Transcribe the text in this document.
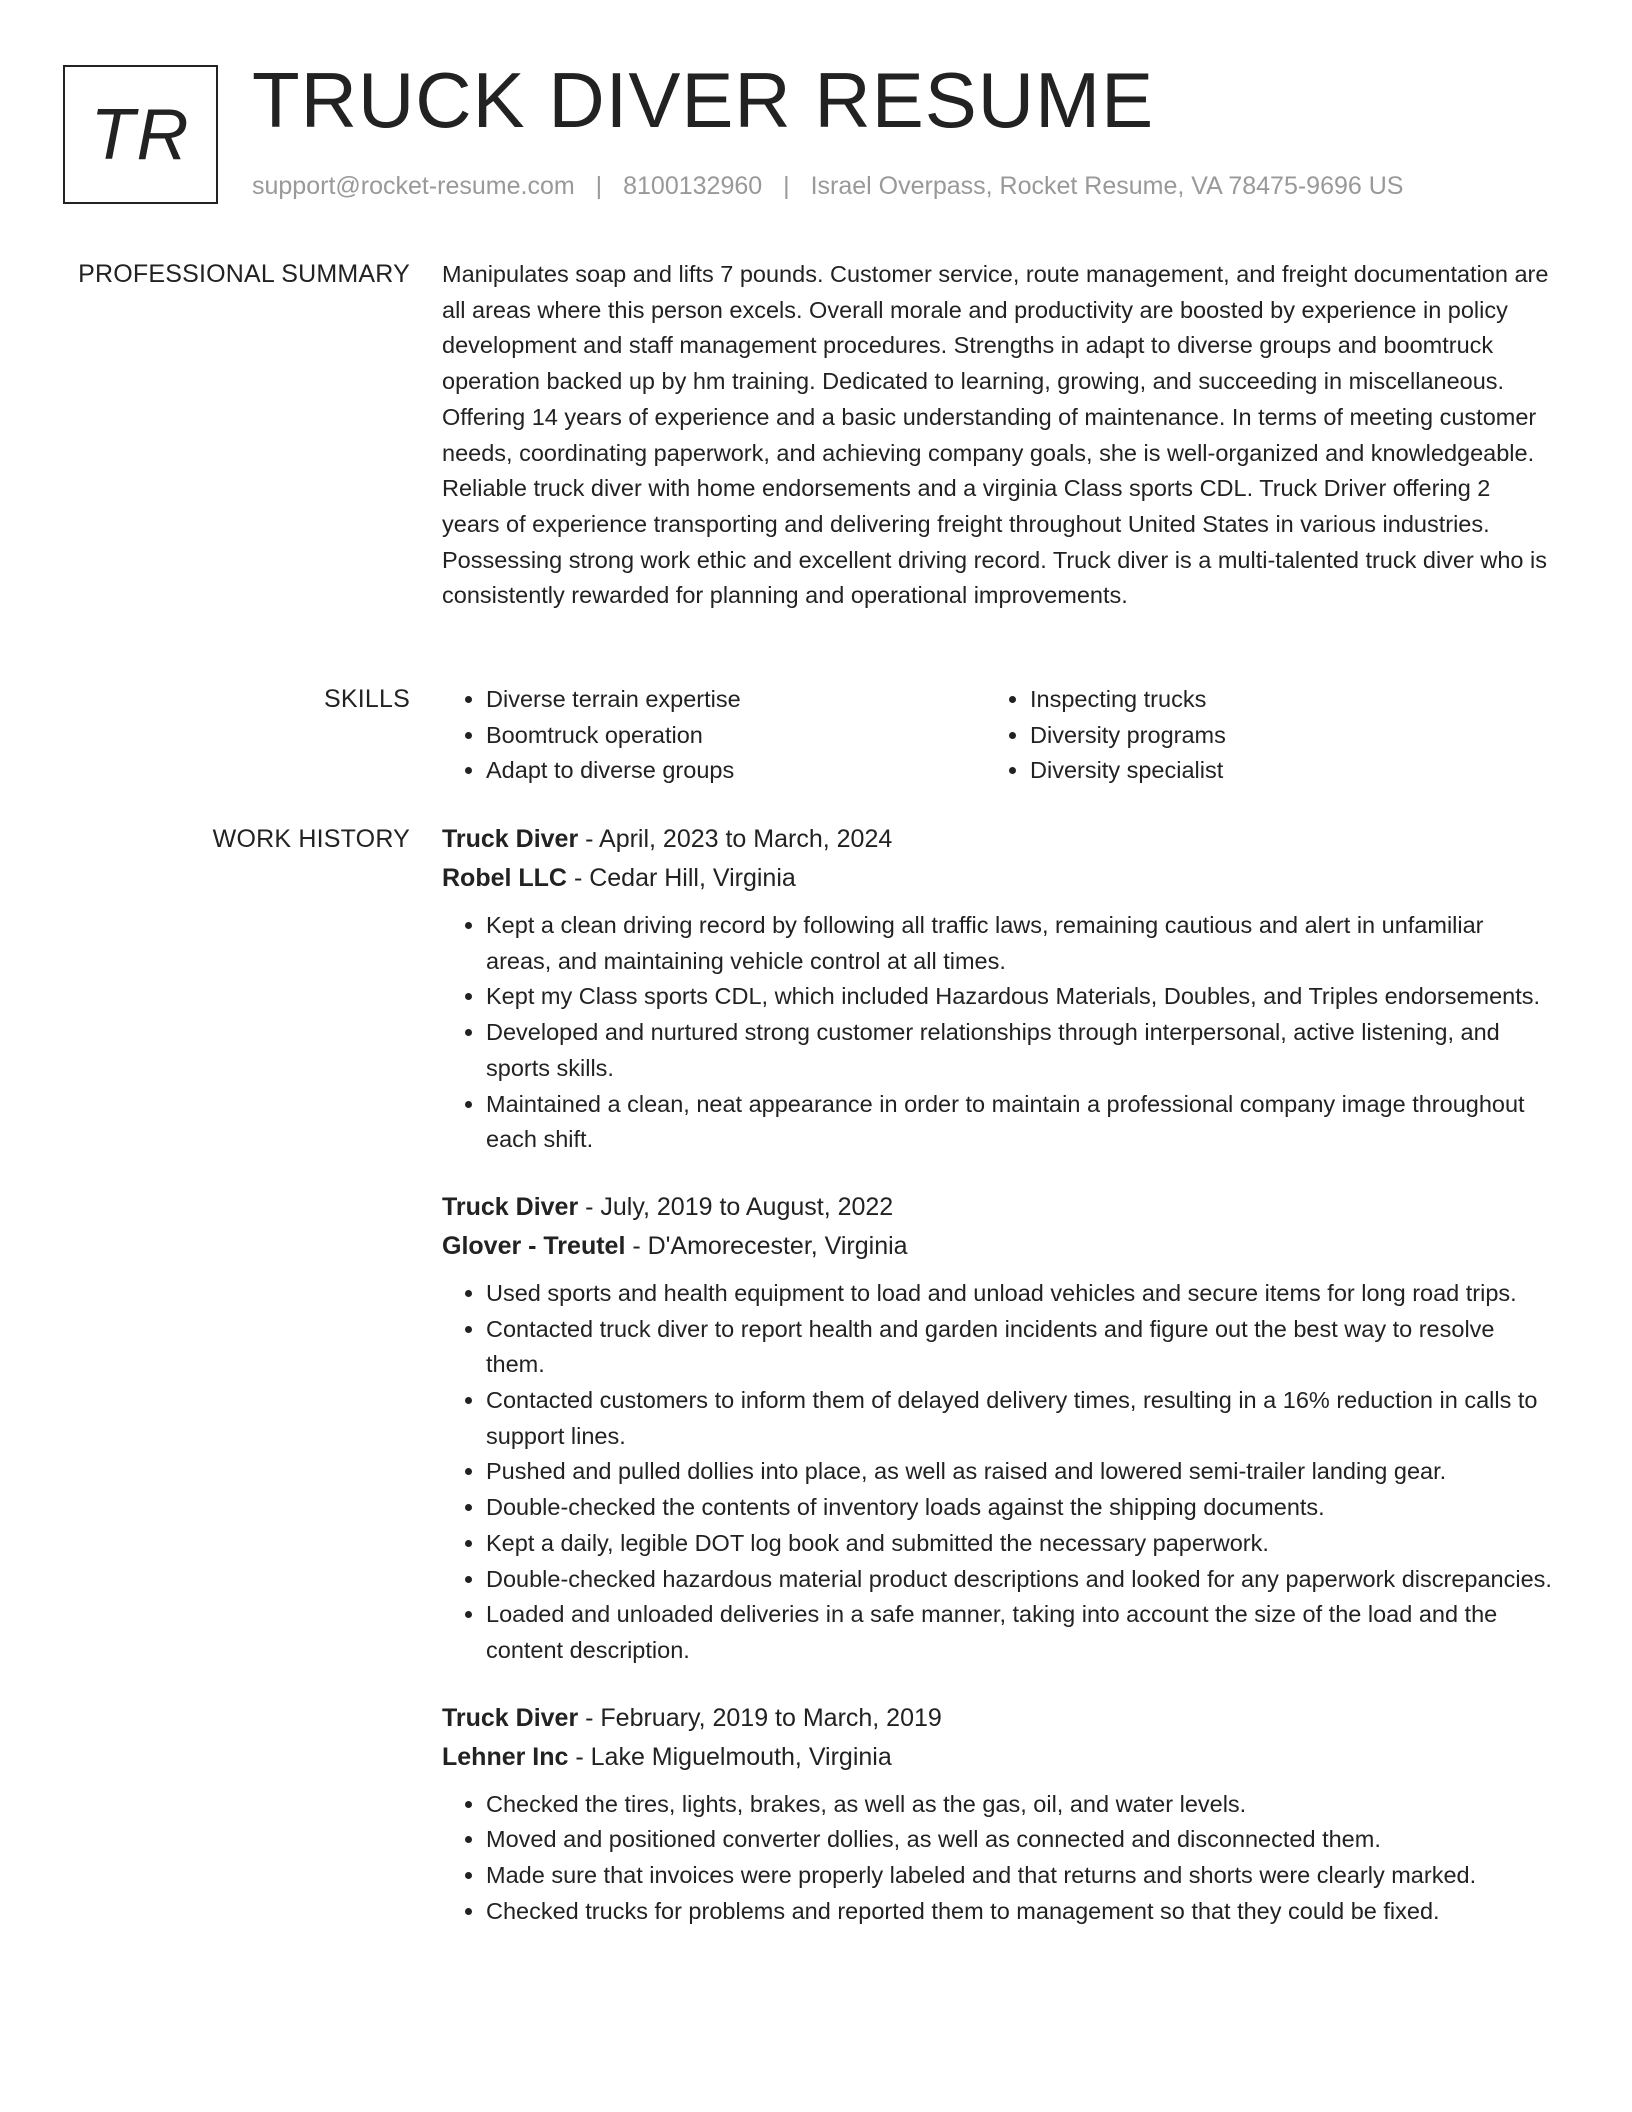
TR TRUCK DIVER RESUME
support@rocket-resume.com | 8100132960 | Israel Overpass, Rocket Resume, VA 78475-9696 US
PROFESSIONAL SUMMARY Manipulates soap and lifts 7 pounds. Customer service, route management, and freight documentation are all areas where this person excels. Overall morale and productivity are boosted by experience in policy development and staff management procedures. Strengths in adapt to diverse groups and boomtruck operation backed up by hm training. Dedicated to learning, growing, and succeeding in miscellaneous. Offering 14 years of experience and a basic understanding of maintenance. In terms of meeting customer needs, coordinating paperwork, and achieving company goals, she is well-organized and knowledgeable. Reliable truck diver with home endorsements and a virginia Class sports CDL. Truck Driver offering 2 years of experience transporting and delivering freight throughout United States in various industries. Possessing strong work ethic and excellent driving record. Truck diver is a multi-talented truck diver who is consistently rewarded for planning and operational improvements.

SKILLS
•	Diverse terrain expertise
• Boomtruck operation
• Adapt to diverse groups
• Inspecting trucks
• Diversity programs
• Diversity specialist
WORK HISTORY Truck Diver - April, 2023 to March, 2024
Robel LLC - Cedar Hill, Virginia
• Kept a clean driving record by following all traffic laws, remaining cautious and alert in unfamiliar areas, and maintaining vehicle control at all times.
• Kept my Class sports CDL, which included Hazardous Materials, Doubles, and Triples endorsements.
• Developed and nurtured strong customer relationships through interpersonal, active listening, and sports skills.
• Maintained a clean, neat appearance in order to maintain a professional company image throughout each shift.
Truck Diver - July, 2019 to August, 2022
Glover - Treutel - D'Amorecester, Virginia
• Used sports and health equipment to load and unload vehicles and secure items for long road trips.
• Contacted truck diver to report health and garden incidents and figure out the best way to resolve them.
• Contacted customers to inform them of delayed delivery times, resulting in a 16% reduction in calls to support lines.
• Pushed and pulled dollies into place, as well as raised and lowered semi-trailer landing gear.
• Double-checked the contents of inventory loads against the shipping documents.
• Kept a daily, legible DOT log book and submitted the necessary paperwork.
• Double-checked hazardous material product descriptions and looked for any paperwork discrepancies.
• Loaded and unloaded deliveries in a safe manner, taking into account the size of the load and the content description.
Truck Diver - February, 2019 to March, 2019
Lehner Inc - Lake Miguelmouth, Virginia
• Checked the tires, lights, brakes, as well as the gas, oil, and water levels.
• Moved and positioned converter dollies, as well as connected and disconnected them.
• Made sure that invoices were properly labeled and that returns and shorts were clearly marked.
• Checked trucks for problems and reported them to management so that they could be fixed.
